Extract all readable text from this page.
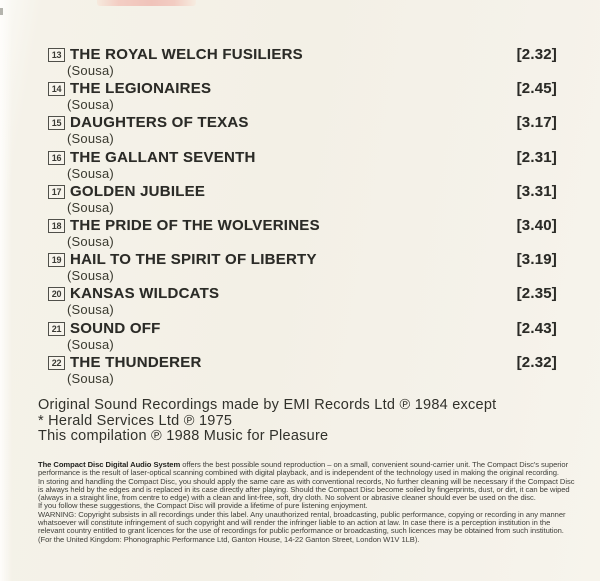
13 THE ROYAL WELCH FUSILIERS	[2.32]
(Sousa)
14 THE LEGIONAIRES	[2.45]
(Sousa)
15 DAUGHTERS OF TEXAS	[3.17]
(Sousa)
16 THE GALLANT SEVENTH	[2.31]
(Sousa)
17 GOLDEN JUBILEE	[3.31]
(Sousa)
18 THE PRIDE OF THE WOLVERINES	[3.40]
(Sousa)
19 HAIL TO THE SPIRIT OF LIBERTY	[3.19]
(Sousa)
20 KANSAS WILDCATS	[2.35]
(Sousa)
21 SOUND OFF	[2.43]
(Sousa)
22 THE THUNDERER	[2.32]
(Sousa)
Original Sound Recordings made by EMI Records Ltd ℗ 1984 except
* Herald Services Ltd ℗ 1975
This compilation ℗ 1988 Music for Pleasure

The Compact Disc Digital Audio System offers the best possible sound reproduction – on a small, convenient sound-carrier unit. The Compact Disc's superior performance is the result of laser-optical scanning combined with digital playback, and is independent of the technology used in making the original recording.

In storing and handling the Compact Disc, you should apply the same care as with conventional records, No further cleaning will be necessary if the Compact Disc is always held by the edges and is replaced in its case directly after playing. Should the Compact Disc become soiled by fingerprints, dust, or dirt, it can be wiped (always in a straight line, from centre to edge) with a clean and lint-free, soft, dry cloth. No solvent or abrasive cleaner should ever be used on the disc.

If you follow these suggestions, the Compact Disc will provide a lifetime of pure listening enjoyment.

WARNING: Copyright subsists in all recordings under this label. Any unauthorized rental, broadcasting, public performance, copying or recording in any manner whatsoever will constitute infringement of such copyright and will render the infringer liable to an action at law. In case there is a perception institution in the relevant country entitled to grant licences for the use of recordings for public performance or broadcasting, such licences may be obtained from such institution. (For the United Kingdom: Phonographic Performance Ltd, Ganton House, 14-22 Ganton Street, London W1V 1LB).
